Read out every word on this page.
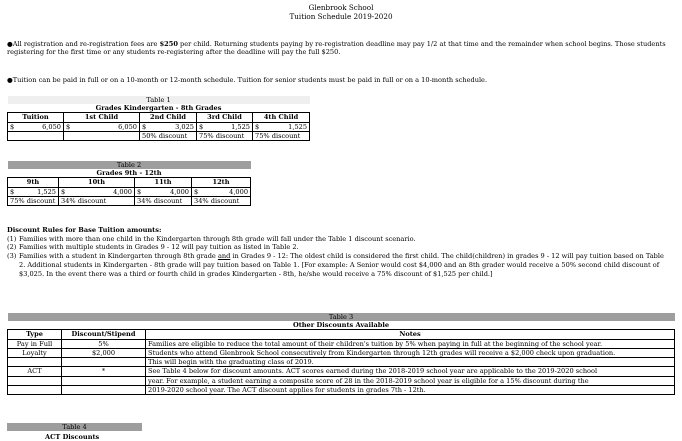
Glenbrook School
Tuition Schedule 2019-2020
●All registration and re-registration fees are $250 per child. Returning students paying by re-registration deadline may pay 1/2 at that time and the remainder when school begins. Those students registering for the first time or any students re-registering after the deadline will pay the full $250.
●Tuition can be paid in full or on a 10-month or 12-month schedule. Tuition for senior students must be paid in full or on a 10-month schedule.
Table 1				
Grades Kindergarten - 8th Grades				
Tuition	1st Child	2nd Child	3rd Child	4th Child

$ 6,050	$ 6,050	$ 3,025	$ 1,525	$ 1,525

		50% discount	75% discount	75% discount
Table 2			
Grades 9th - 12th			
9th	10th	11th	12th

$ 1,525	$ 4,000	$ 4,000	$ 4,000

75% discount	34% discount	34% discount	34% discount
Discount Rules for Base Tuition amounts:
(1) Families with more than one child in the Kindergarten through 8th grade will fall under the Table 1 discount scenario.
(2) Families with multiple students in Grades 9 - 12 will pay tuition as listed in Table 2.
(3) Families with a student in Kindergarten through 8th grade and in Grades 9 - 12: The oldest child is considered the first child. The child(children) in grades 9 - 12 will pay tuition based on Table 2. Additional students in Kindergarten - 8th grade will pay tuition based on Table 1. [For example: A Senior would cost $4,000 and an 8th grader would receive a 50% second child discount of $3,025. In the event there was a third or fourth child in grades Kindergarten - 8th, he/she would receive a 75% discount of $1,525 per child.]
Table 3		
Other Discounts Available		
Type	Discount/Stipend	Notes
Pay in Full	5%	Families are eligible to reduce the total amount of their children's tuition by 5% when paying in full at the beginning of the school year.
Loyalty	$2,000	Students who attend Glenbrook School consecutively from Kindergarten through 12th grades will receive a $2,000 check upon graduation.
		This will begin with the graduating class of 2019.
ACT	*	See Table 4 below for discount amounts. ACT scores earned during the 2018-2019 school year are applicable to the 2019-2020 school
		year. For example, a student earning a composite score of 28 in the 2018-2019 school year is eligible for a 15% discount during the
		2019-2020 school year. The ACT discount applies for students in grades 7th - 12th.
Table 4
ACT Discounts
